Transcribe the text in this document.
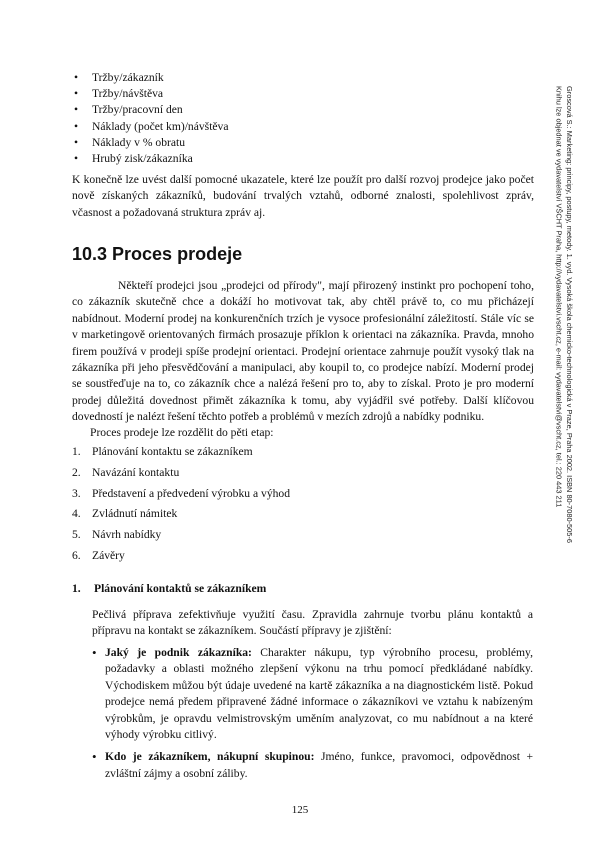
• Tržby/zákazník
• Tržby/návštěva
• Tržby/pracovní den
• Náklady (počet km)/návštěva
• Náklady v % obratu
• Hrubý zisk/zákazníka

K konečně lze uvést další pomocné ukazatele, které lze použít pro další rozvoj prodejce jako počet nově získaných zákazníků, budování trvalých vztahů, odborné znalosti, spolehlivost zpráv, včasnost a požadovaná struktura zpráv aj.

10.3 Proces prodeje

Někteří prodejci jsou „prodejci od přírody", mají přirozený instinkt pro pochopení toho, co zákazník skutečně chce a dokáží ho motivovat tak, aby chtěl právě to, co mu přicházejí nabídnout. Moderní prodej na konkurenčních trzích je vysoce profesionální záležitostí. Stále víc se v marketingově orientovaných firmách prosazuje příklon k orientaci na zákazníka. Pravda, mnoho firem používá v prodeji spíše prodejní orientaci. Prodejní orientace zahrnuje použít vysoký tlak na zákazníka při jeho přesvědčování a manipulaci, aby koupil to, co prodejce nabízí. Moderní prodej se soustřeďuje na to, co zákazník chce a nalézá řešení pro to, aby to získal. Proto je pro moderní prodej důležitá dovednost přimět zákazníka k tomu, aby vyjádřil své potřeby. Další klíčovou dovedností je nalézt řešení těchto potřeb a problémů v mezích zdrojů a nabídky podniku.

Proces prodeje lze rozdělit do pěti etap:

1. Plánování kontaktu se zákazníkem
2. Navázání kontaktu
3. Představení a předvedení výrobku a výhod
4. Zvládnutí námitek
5. Návrh nabídky
6. Závěry

1. Plánování kontaktů se zákazníkem

Pečlivá příprava zefektivňuje využití času. Zpravidla zahrnuje tvorbu plánu kontaktů a přípravu na kontakt se zákazníkem. Součástí přípravy je zjištění:

• Jaký je podnik zákazníka: Charakter nákupu, typ výrobního procesu, problémy, požadavky a oblasti možného zlepšení výkonu na trhu pomocí předkládané nabídky. Východiskem můžou být údaje uvedené na kartě zákazníka a na diagnostickém listě. Pokud prodejce nemá předem připravené žádné informace o zákazníkovi ve vztahu k nabízeným výrobkům, je opravdu velmistrovským uměním analyzovat, co mu nabídnout a na které výhody výrobku citlivý.
• Kdo je zákazníkem, nákupní skupinou: Jméno, funkce, pravomoci, odpovědnost + zvláštní zájmy a osobní záliby.
Groscová S.: Marketing: principy, postupy, metody. 1. vyd. Vysoká škola chemicko-technologická v Praze, Praha 2002. ISBN 80-7080-505-6
Knihu lze objednat ve vydavatelství VŠCHT Praha, http://vydavatelstvi.vscht.cz, e-mail: vydavatelstvi@vscht.cz, tel.: 220 443 211
125
